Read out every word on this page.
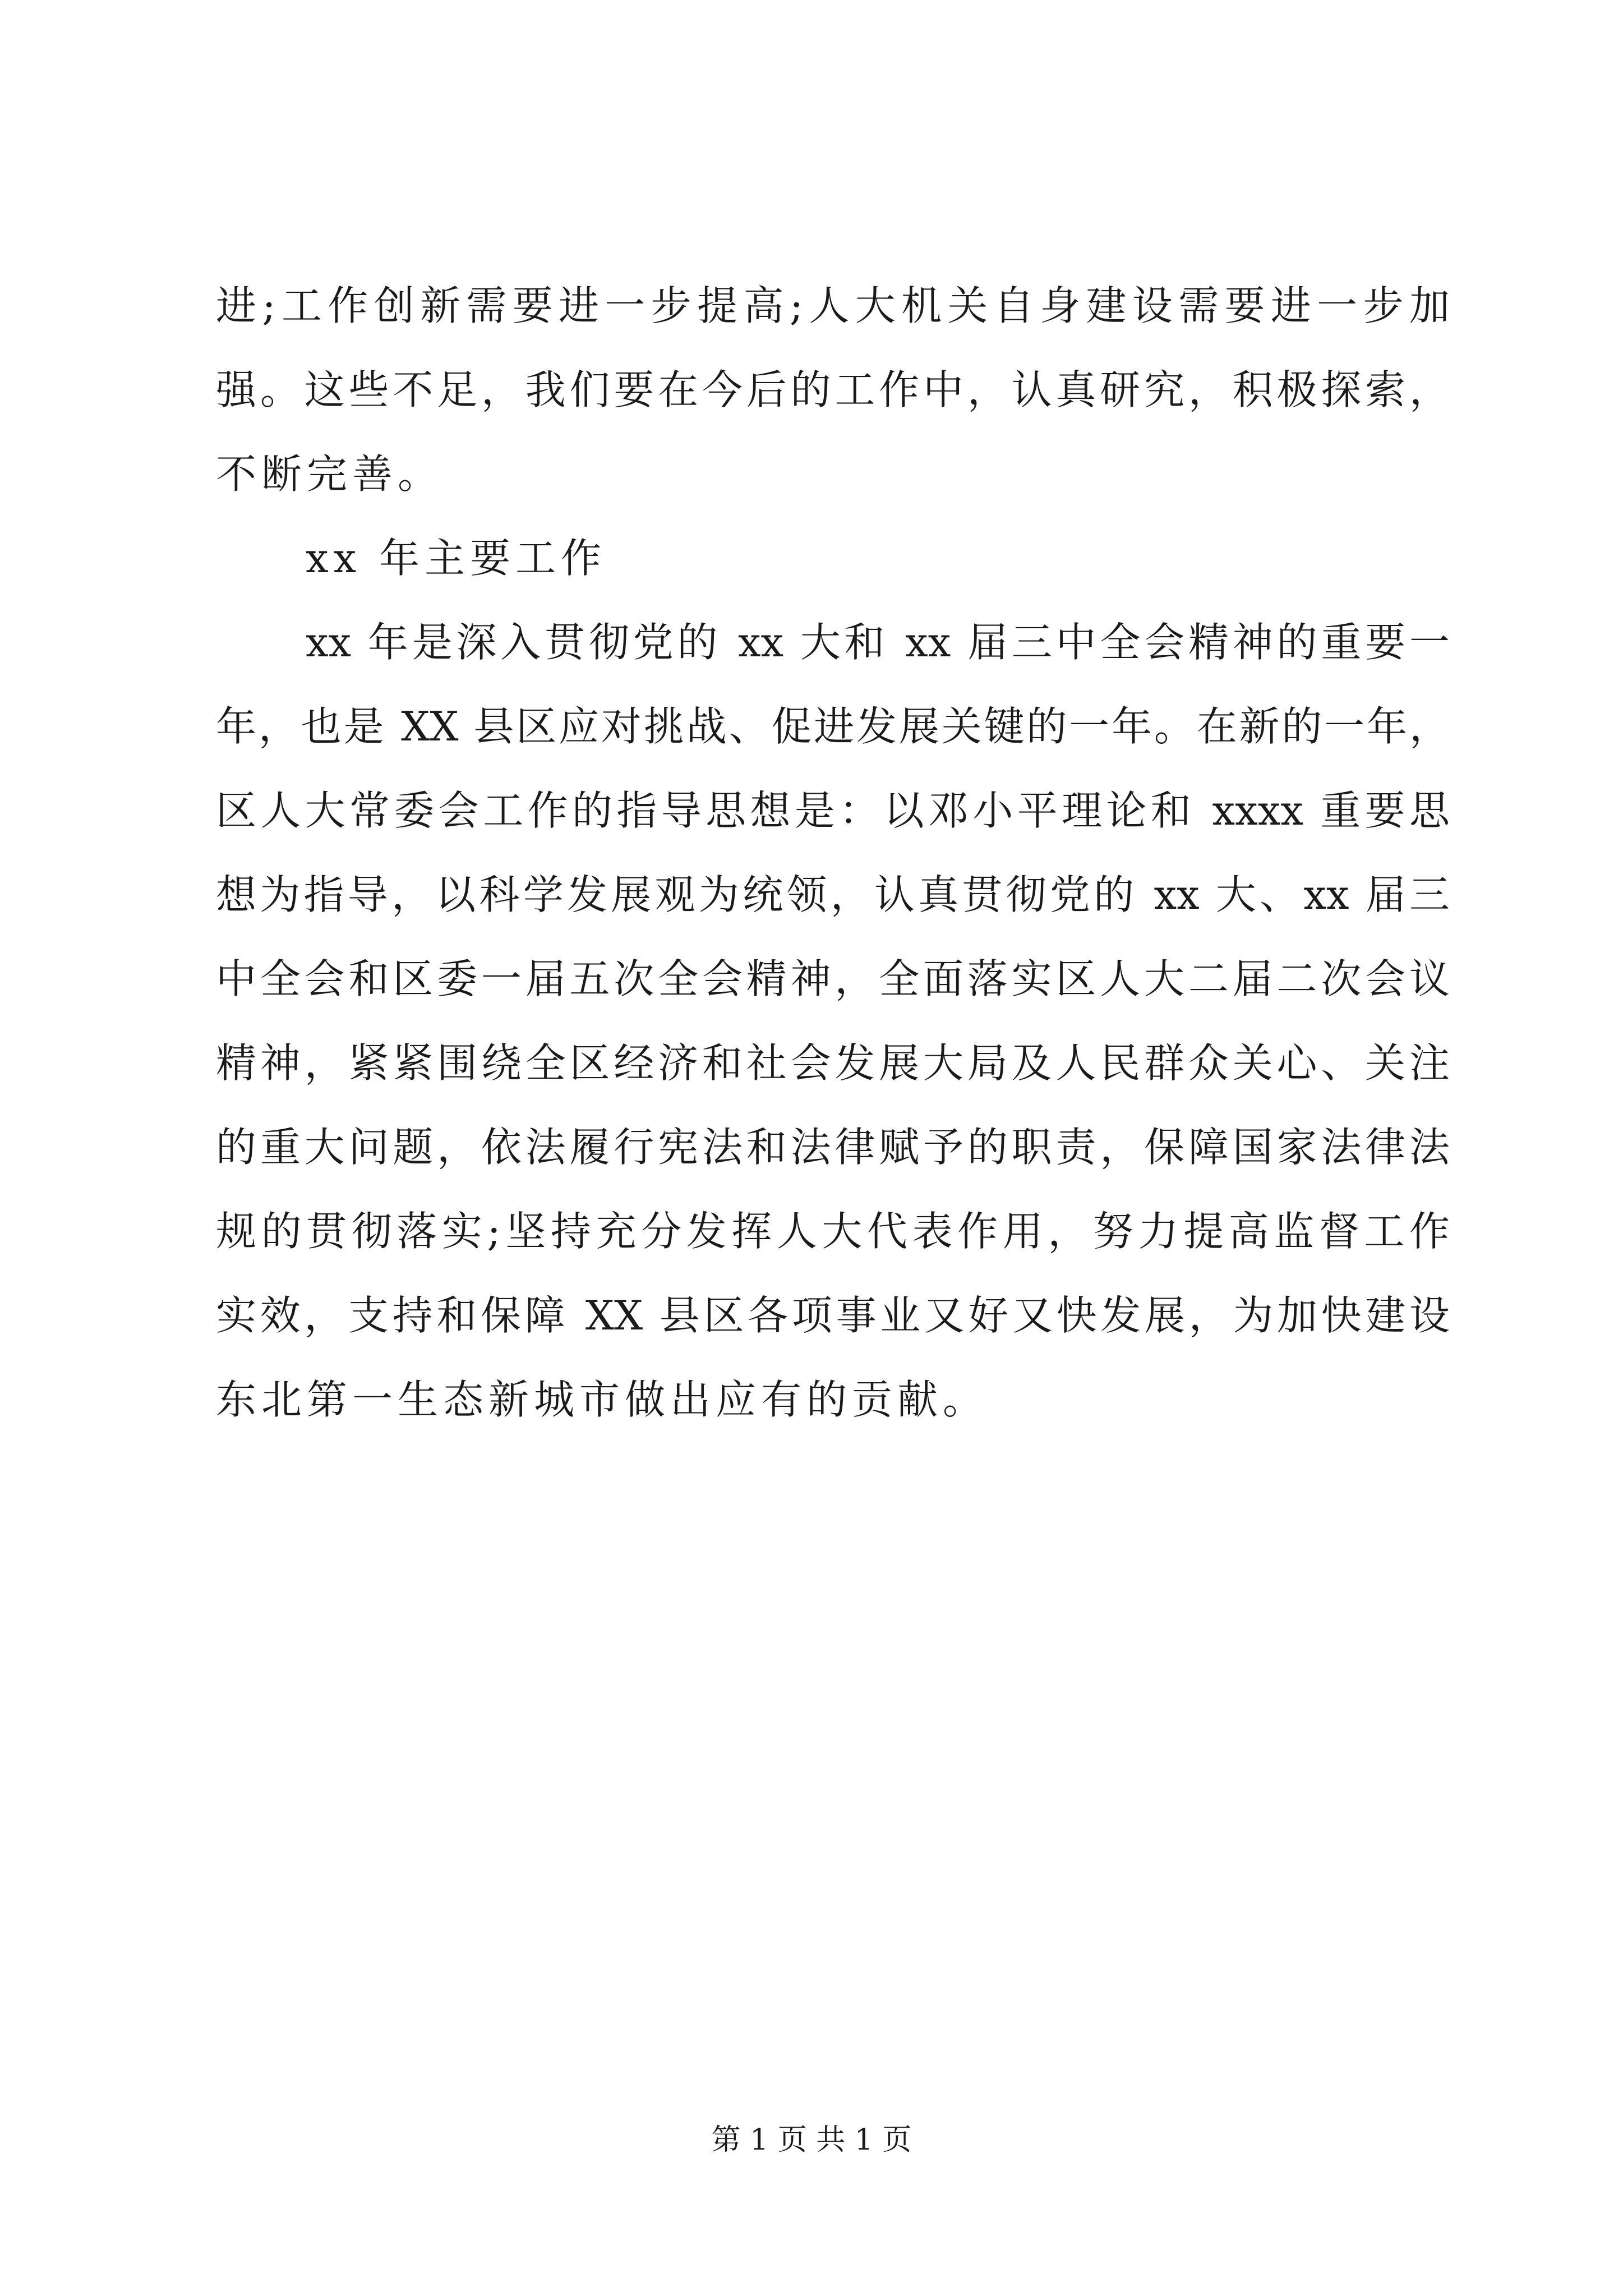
进;工作创新需要进一步提高;人大机关自身建设需要进一步加
强。这些不足，我们要在今后的工作中，认真研究，积极探索，
不断完善。
xx 年主要工作
xx 年是深入贯彻党的 xx 大和 xx 届三中全会精神的重要一
年，也是 XX 县区应对挑战、促进发展关键的一年。在新的一年，
区人大常委会工作的指导思想是：以邓小平理论和 xxxx 重要思
想为指导，以科学发展观为统领，认真贯彻党的 xx 大、xx 届三
中全会和区委一届五次全会精神，全面落实区人大二届二次会议
精神，紧紧围绕全区经济和社会发展大局及人民群众关心、关注
的重大问题，依法履行宪法和法律赋予的职责，保障国家法律法
规的贯彻落实;坚持充分发挥人大代表作用，努力提高监督工作
实效，支持和保障 XX 县区各项事业又好又快发展，为加快建设
东北第一生态新城市做出应有的贡献。
第 1 页 共 1 页
